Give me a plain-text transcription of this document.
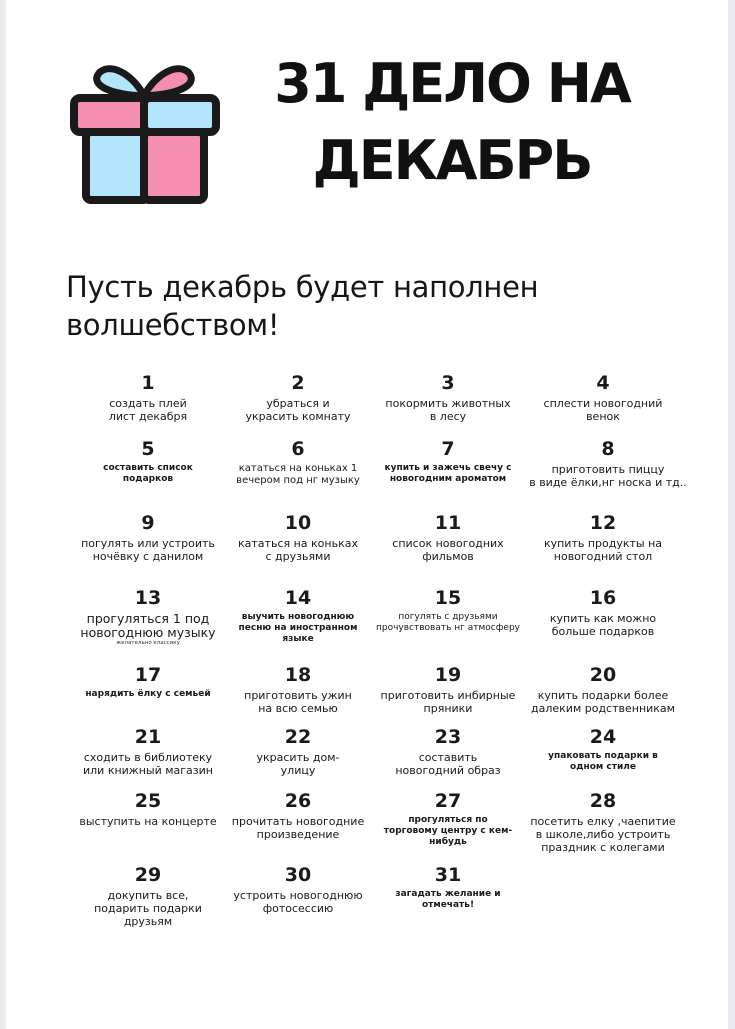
31 ДЕЛО НА
ДЕКАБРЬ
Пусть декабрь будет наполнен
волшебством!
1
создать плей
лист декабря
2
убраться и
украсить комнату
3
покормить животных
в лесу
4
сплести новогодний
венок
5
составить список
подарков
6
кататься на коньках 1
вечером под нг музыку
7
купить и зажечь свечу с
новогодним ароматом
8
приготовить пиццу
в виде ёлки,нг носка и тд..
9
погулять или устроить
ночёвку с данилом
10
кататься на коньках
с друзьями
11
список новогодних
фильмов
12
купить продукты на
новогодний стол
13
прогуляться 1 под
новогоднюю музыку
желательно классику
14
выучить новогоднюю
песню на иностранном
языке
15
погулять с друзьями
прочувствовать нг атмосферу
16
купить как можно
больше подарков
17
нарядить ёлку с семьей
18
приготовить ужин
на всю семью
19
приготовить инбирные
пряники
20
купить подарки более
далеким родственникам
21
сходить в библиотеку
или книжный магазин
22
украсить дом-
улицу
23
составить
новогодний образ
24
упаковать подарки в
одном стиле
25
выступить на концерте
26
прочитать новогодние
произведение
27
прогуляться по
торговому центру с кем-
нибудь
28
посетить елку ,чаепитие
в школе,либо устроить
праздник с колегами
29
докупить все,
подарить подарки
друзьям
30
устроить новогоднюю
фотосессию
31
загадать желание и
отмечать!
